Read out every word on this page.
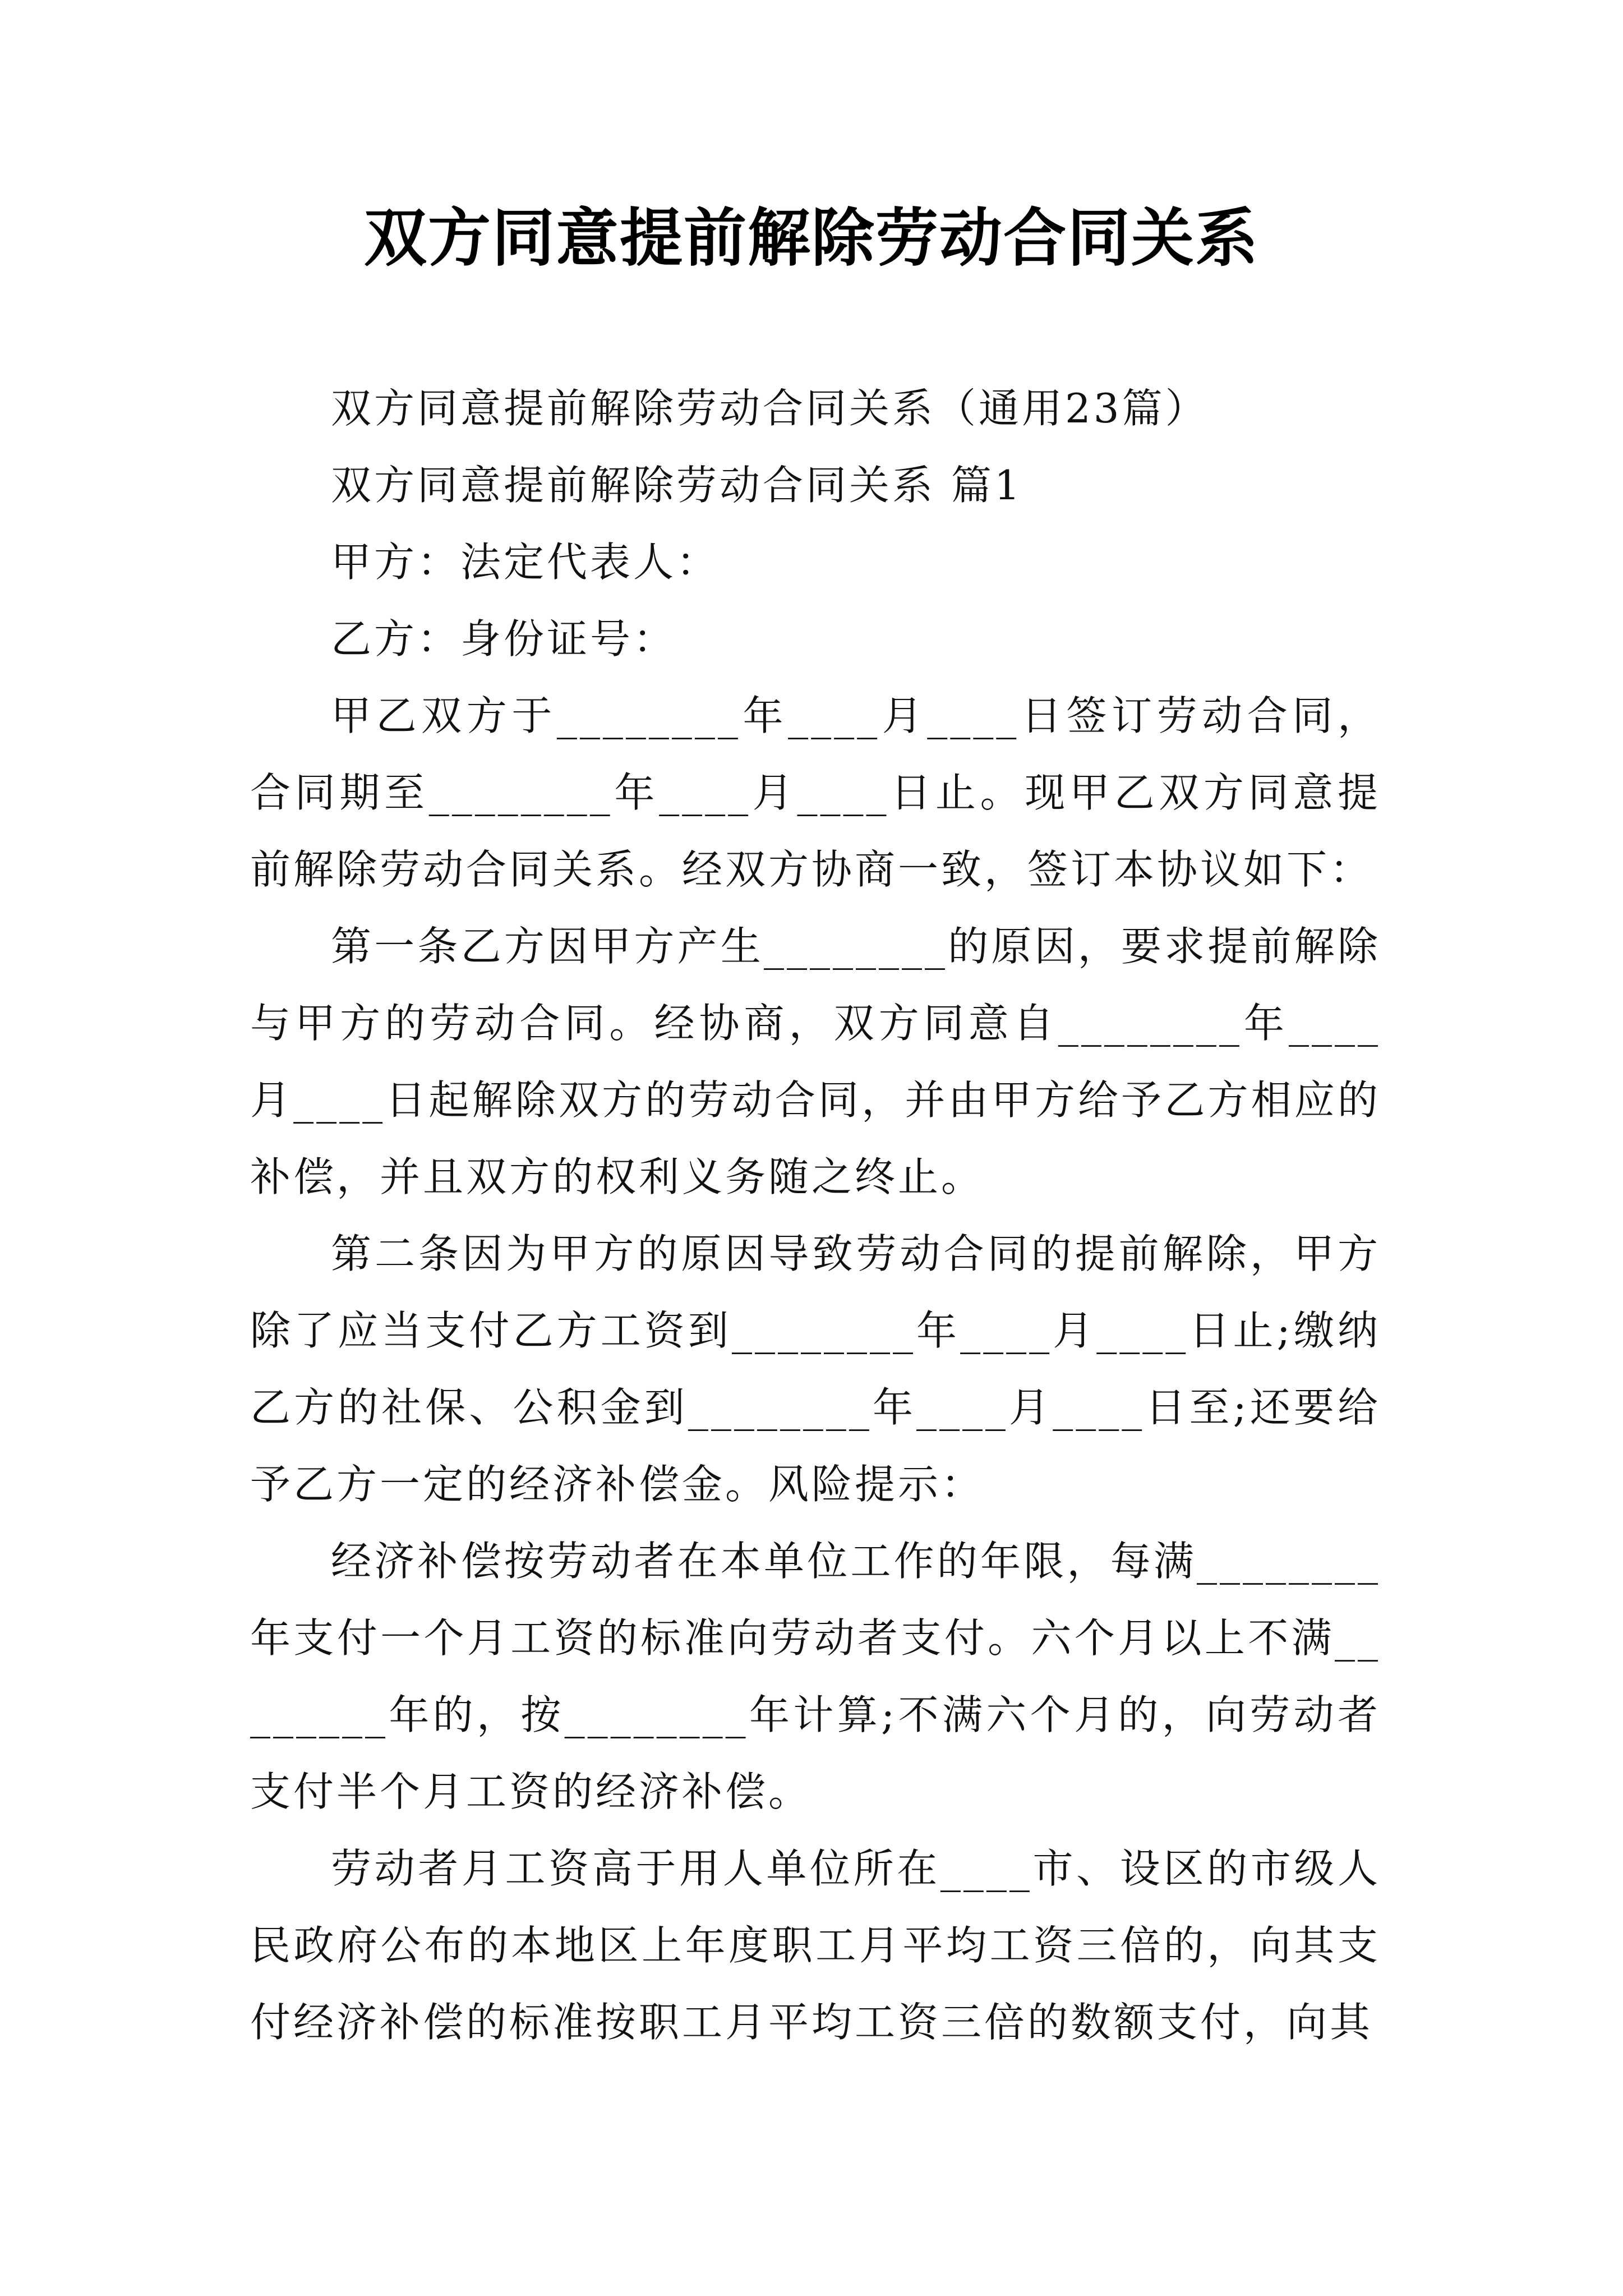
双方同意提前解除劳动合同关系

双方同意提前解除劳动合同关系（通用23篇）

双方同意提前解除劳动合同关系 篇1

甲方：法定代表人：

乙方：身份证号：

甲乙双方于________年____月____日签订劳动合同，合同期至________年____月____日止。现甲乙双方同意提前解除劳动合同关系。经双方协商一致，签订本协议如下：

第一条乙方因甲方产生________的原因，要求提前解除与甲方的劳动合同。经协商，双方同意自________年____月____日起解除双方的劳动合同，并由甲方给予乙方相应的补偿，并且双方的权利义务随之终止。

第二条因为甲方的原因导致劳动合同的提前解除，甲方除了应当支付乙方工资到________年____月____日止;缴纳乙方的社保、公积金到________年____月____日至;还要给予乙方一定的经济补偿金。风险提示：

经济补偿按劳动者在本单位工作的年限，每满________年支付一个月工资的标准向劳动者支付。六个月以上不满________年的，按________年计算;不满六个月的，向劳动者支付半个月工资的经济补偿。

劳动者月工资高于用人单位所在____市、设区的市级人民政府公布的本地区上年度职工月平均工资三倍的，向其支付经济补偿的标准按职工月平均工资三倍的数额支付，向其
